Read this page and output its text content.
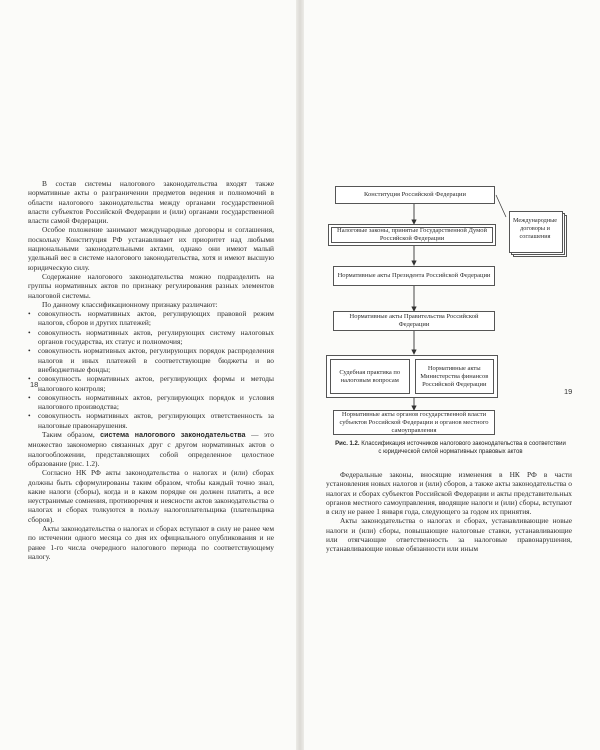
В состав системы налогового законодательства входят также нормативные акты о разграничении предметов ведения и полномочий в области налогового законодательства между органами государственной власти субъектов Российской Федерации и (или) органами государственной власти самой Федерации.

Особое положение занимают международные договоры и соглашения, поскольку Конституция РФ устанавливает их приоритет над любыми национальными законодательными актами, однако они имеют малый удельный вес в системе налогового законодательства, хотя и имеют высшую юридическую силу.

Содержание налогового законодательства можно подразделить на группы нормативных актов по признаку регулирования разных элементов налоговой системы.

По данному классификационному признаку различают:

• совокупность нормативных актов, регулирующих правовой режим налогов, сборов и других платежей;
• совокупность нормативных актов, регулирующих систему налоговых органов государства, их статус и полномочия;
• совокупность нормативных актов, регулирующих порядок распределения налогов и иных платежей в соответствующие бюджеты и во внебюджетные фонды;
• совокупность нормативных актов, регулирующих формы и методы налогового контроля;
• совокупность нормативных актов, регулирующих порядок и условия налогового производства;
• совокупность нормативных актов, регулирующих ответственность за налоговые правонарушения.

Таким образом, система налогового законодательства — это множество закономерно связанных друг с другом нормативных актов о налогообложении, представляющих собой определенное целостное образование (рис. 1.2).

Согласно НК РФ акты законодательства о налогах и (или) сборах должны быть сформулированы таким образом, чтобы каждый точно знал, какие налоги (сборы), когда и в каком порядке он должен платить, а все неустранимые сомнения, противоречия и неясности актов законодательства о налогах и сборах толкуются в пользу налогоплательщика (плательщика сборов).

Акты законодательства о налогах и сборах вступают в силу не ранее чем по истечении одного месяца со дня их официального опубликования и не ранее 1-го числа очередного налогового периода по соответствующему налогу.

18
Конституция Российской Федерации
Налоговые законы, принятые Государственной Думой Российской Федерации
Нормативные акты Президента Российской Федерации
Нормативные акты Правительства Российской Федерации
Судебная практика по налоговым вопросам
Нормативные акты Министерства финансов Российской Федерации
Нормативные акты органов государственной власти субъектов Российской Федерации и органов местного самоуправления
Международные договоры и соглашения
Рис. 1.2. Классификация источников налогового законодательства в соответствии с юридической силой нормативных правовых актов

Федеральные законы, вносящие изменения в НК РФ в части установления новых налогов и (или) сборов, а также акты законодательства о налогах и сборах субъектов Российской Федерации и акты представительных органов местного самоуправления, вводящие налоги и (или) сборы, вступают в силу не ранее 1 января года, следующего за годом их принятия.

Акты законодательства о налогах и сборах, устанавливающие новые налоги и (или) сборы, повышающие налоговые ставки, устанавливающие или отягчающие ответственность за налоговые правонарушения, устанавливающие новые обязанности или иным

19
